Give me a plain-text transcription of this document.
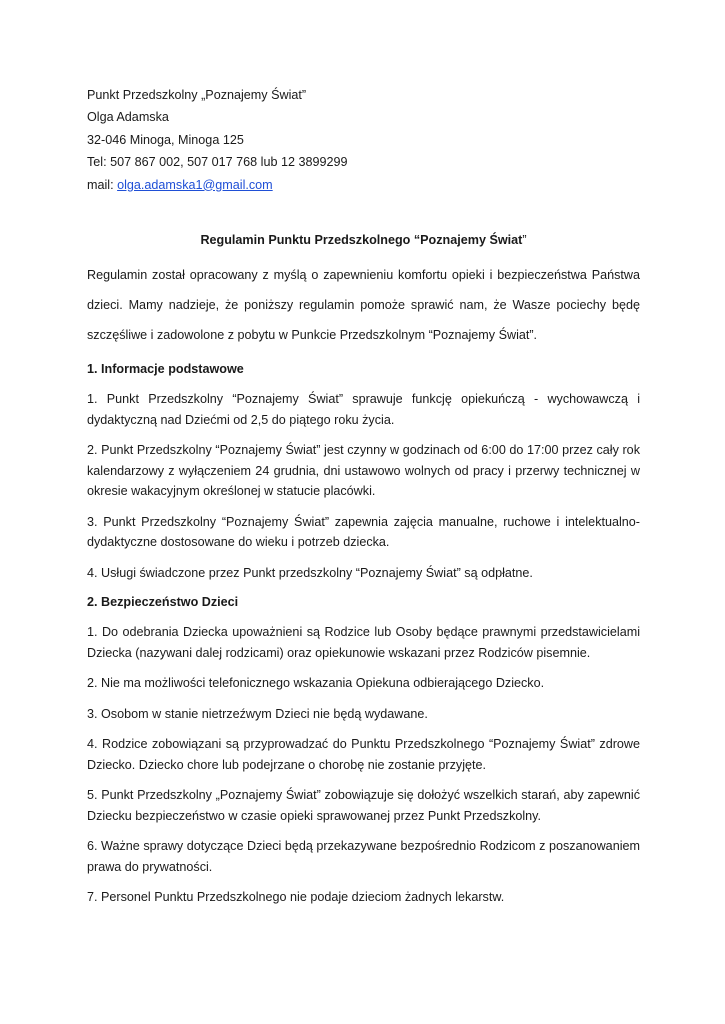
Punkt Przedszkolny „Poznajemy Świat”

Olga Adamska

32-046 Minoga, Minoga 125

Tel: 507 867 002, 507 017 768 lub 12 3899299

mail: olga.adamska1@gmail.com

Regulamin Punktu Przedszkolnego “Poznajemy Świat”

Regulamin został opracowany z myślą o zapewnieniu komfortu opieki i bezpieczeństwa Państwa dzieci. Mamy nadzieje, że poniższy regulamin pomoże sprawić nam, że Wasze pociechy będę szczęśliwe i zadowolone z pobytu w Punkcie Przedszkolnym “Poznajemy Świat”.

1. Informacje podstawowe

1. Punkt Przedszkolny “Poznajemy Świat” sprawuje funkcję opiekuńczą - wychowawczą i dydaktyczną nad Dziećmi od 2,5 do piątego roku życia.

2. Punkt Przedszkolny “Poznajemy Świat” jest czynny w godzinach od 6:00 do 17:00 przez cały rok kalendarzowy z wyłączeniem 24 grudnia, dni ustawowo wolnych od pracy i przerwy technicznej w okresie wakacyjnym określonej w statucie placówki.

3. Punkt Przedszkolny “Poznajemy Świat” zapewnia zajęcia manualne, ruchowe i intelektualno-dydaktyczne dostosowane do wieku i potrzeb dziecka.

4. Usługi świadczone przez Punkt przedszkolny “Poznajemy Świat” są odpłatne.

2. Bezpieczeństwo Dzieci

1. Do odebrania Dziecka upoważnieni są Rodzice lub Osoby będące prawnymi przedstawicielami Dziecka (nazywani dalej rodzicami) oraz opiekunowie wskazani przez Rodziców pisemnie.

2. Nie ma możliwości telefonicznego wskazania Opiekuna odbierającego Dziecko.

3. Osobom w stanie nietrzeźwym Dzieci nie będą wydawane.

4. Rodzice zobowiązani są przyprowadzać do Punktu Przedszkolnego “Poznajemy Świat” zdrowe Dziecko. Dziecko chore lub podejrzane o chorobę nie zostanie przyjęte.

5. Punkt Przedszkolny „Poznajemy Świat” zobowiązuje się dołożyć wszelkich starań, aby zapewnić Dziecku bezpieczeństwo w czasie opieki sprawowanej przez Punkt Przedszkolny.

6. Ważne sprawy dotyczące Dzieci będą przekazywane bezpośrednio Rodzicom z poszanowaniem prawa do prywatności.

7. Personel Punktu Przedszkolnego nie podaje dzieciom żadnych lekarstw.
